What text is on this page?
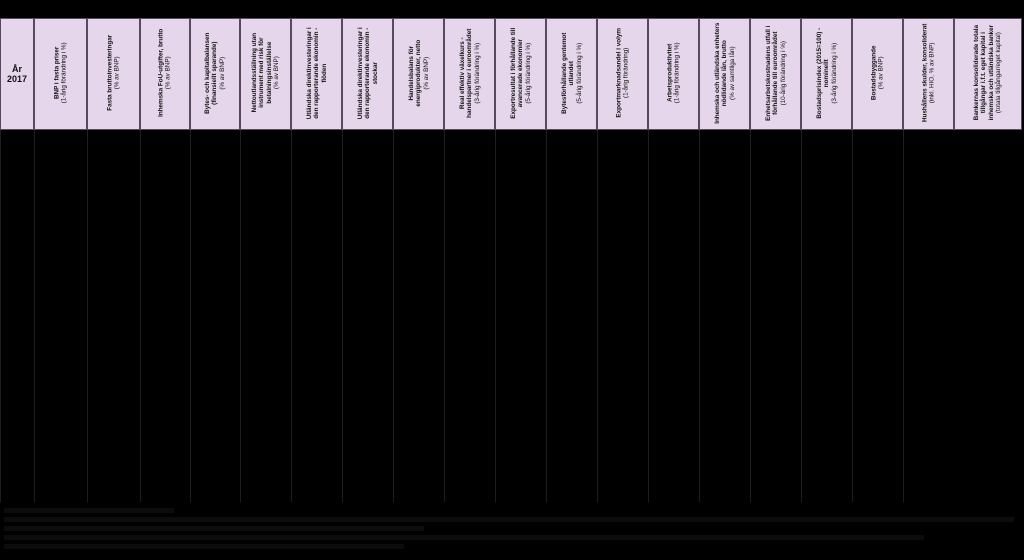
År
2017	BNP i fasta priser (1-årig förändring i %)	Fasta bruttoinvesteringar (% av BNP)	Inhemska FoU-utgifter, brutto (% av BNP)	Bytes- och kapitalbalansen (finansiellt sparande) (% av BNP)	Nettoutlandsställning utan instrument med risk för betalningsinställelse (% av BNP)	Utländska direktinvesteringar i den rapporterande ekonomin - flöden	Utländska direktinvesteringar i den rapporterande ekonomin - stockar	Handelsbalans för energiprodukter, netto (% av BNP)	Real effektiv växelkurs - handelspartner i euroområdet (3-årig förändring i %)	Exportresultat i förhållande till avancerade ekonomier (5-årig förändring i %)	Bytesförhållande gentemot utlandet (5-årig förändring i %)	Exportmarknadsandel i volym (1-årig förändring)	Arbetsproduktivitet (1-årig förändring i %)	Inhemska och utländska enheters nödlidande lån, brutto (% av samtliga lån)	Enhetsarbetskostnadens utfall i förhållande till euroområdet (10-årig förändring i %)	Bostadsprisindex (2015=100) - nominellt (3-årig förändring i %)	Bostadsbyggande (% av BNP)	Hushållens skulder, konsoliderat (inkl. HIO, % av BNP)	Bankernas konsoliderade totala tillgångar i.f.t. eget kapital i inhemska och utländska banker (totala tillgångar/eget kapital)
